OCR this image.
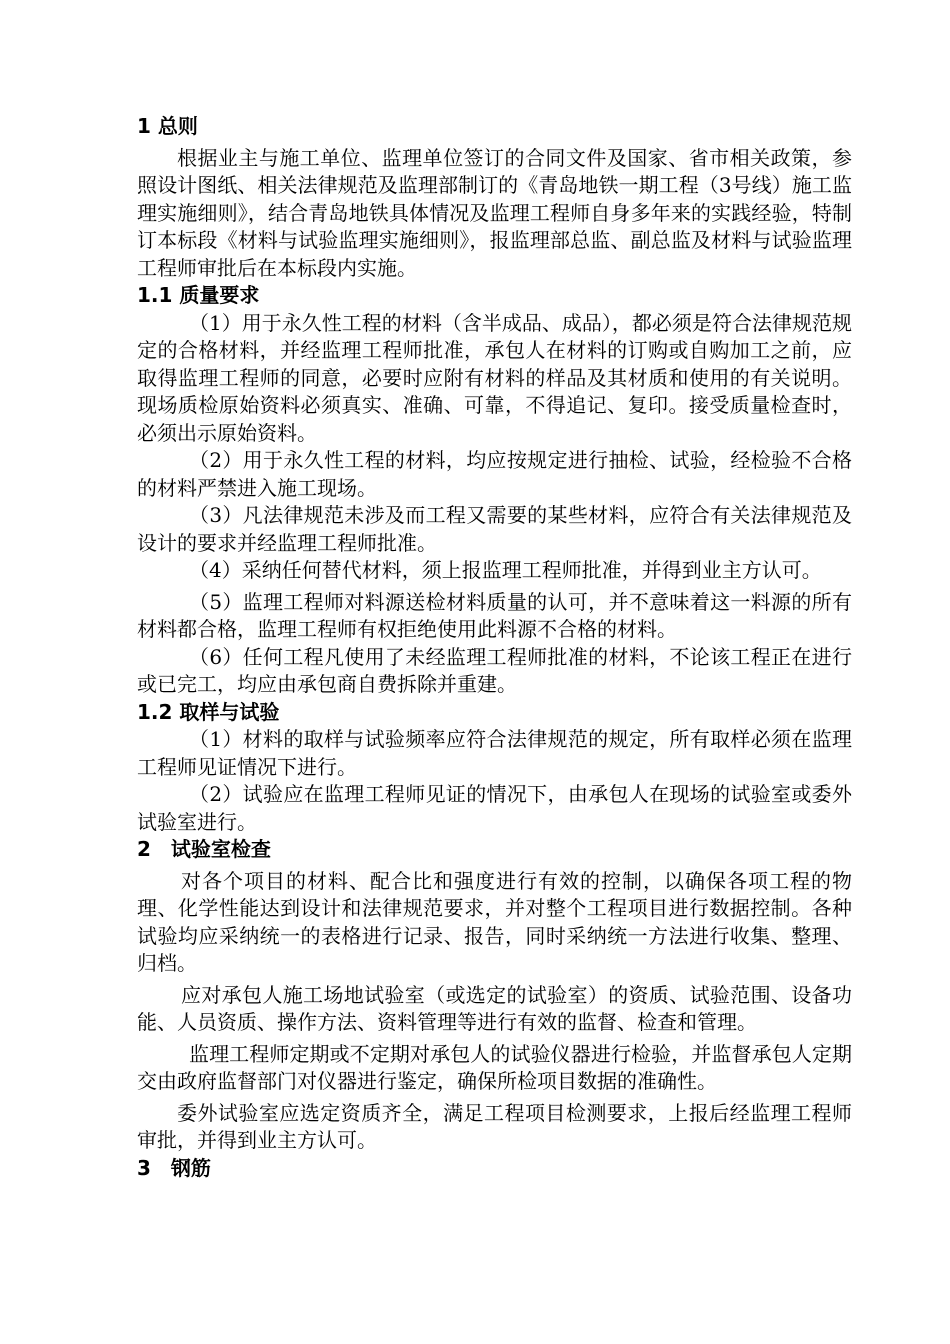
1 总则

根据业主与施工单位、监理单位签订的合同文件及国家、省市相关政策，参照设计图纸、相关法律规范及监理部制订的《青岛地铁一期工程（3号线）施工监理实施细则》，结合青岛地铁具体情况及监理工程师自身多年来的实践经验，特制订本标段《材料与试验监理实施细则》，报监理部总监、副总监及材料与试验监理工程师审批后在本标段内实施。

1.1 质量要求

（1）用于永久性工程的材料（含半成品、成品），都必须是符合法律规范规定的合格材料，并经监理工程师批准，承包人在材料的订购或自购加工之前，应取得监理工程师的同意，必要时应附有材料的样品及其材质和使用的有关说明。现场质检原始资料必须真实、准确、可靠，不得追记、复印。接受质量检查时，必须出示原始资料。

（2）用于永久性工程的材料，均应按规定进行抽检、试验，经检验不合格的材料严禁进入施工现场。

（3）凡法律规范未涉及而工程又需要的某些材料，应符合有关法律规范及设计的要求并经监理工程师批准。

（4）采纳任何替代材料，须上报监理工程师批准，并得到业主方认可。

（5）监理工程师对料源送检材料质量的认可，并不意味着这一料源的所有材料都合格，监理工程师有权拒绝使用此料源不合格的材料。

（6）任何工程凡使用了未经监理工程师批准的材料，不论该工程正在进行或已完工，均应由承包商自费拆除并重建。

1.2 取样与试验

（1）材料的取样与试验频率应符合法律规范的规定，所有取样必须在监理工程师见证情况下进行。

（2）试验应在监理工程师见证的情况下，由承包人在现场的试验室或委外试验室进行。

2　试验室检查

对各个项目的材料、配合比和强度进行有效的控制，以确保各项工程的物理、化学性能达到设计和法律规范要求，并对整个工程项目进行数据控制。各种试验均应采纳统一的表格进行记录、报告，同时采纳统一方法进行收集、整理、归档。

应对承包人施工场地试验室（或选定的试验室）的资质、试验范围、设备功能、人员资质、操作方法、资料管理等进行有效的监督、检查和管理。

监理工程师定期或不定期对承包人的试验仪器进行检验，并监督承包人定期交由政府监督部门对仪器进行鉴定，确保所检项目数据的准确性。

委外试验室应选定资质齐全，满足工程项目检测要求，上报后经监理工程师审批，并得到业主方认可。

3　钢筋
